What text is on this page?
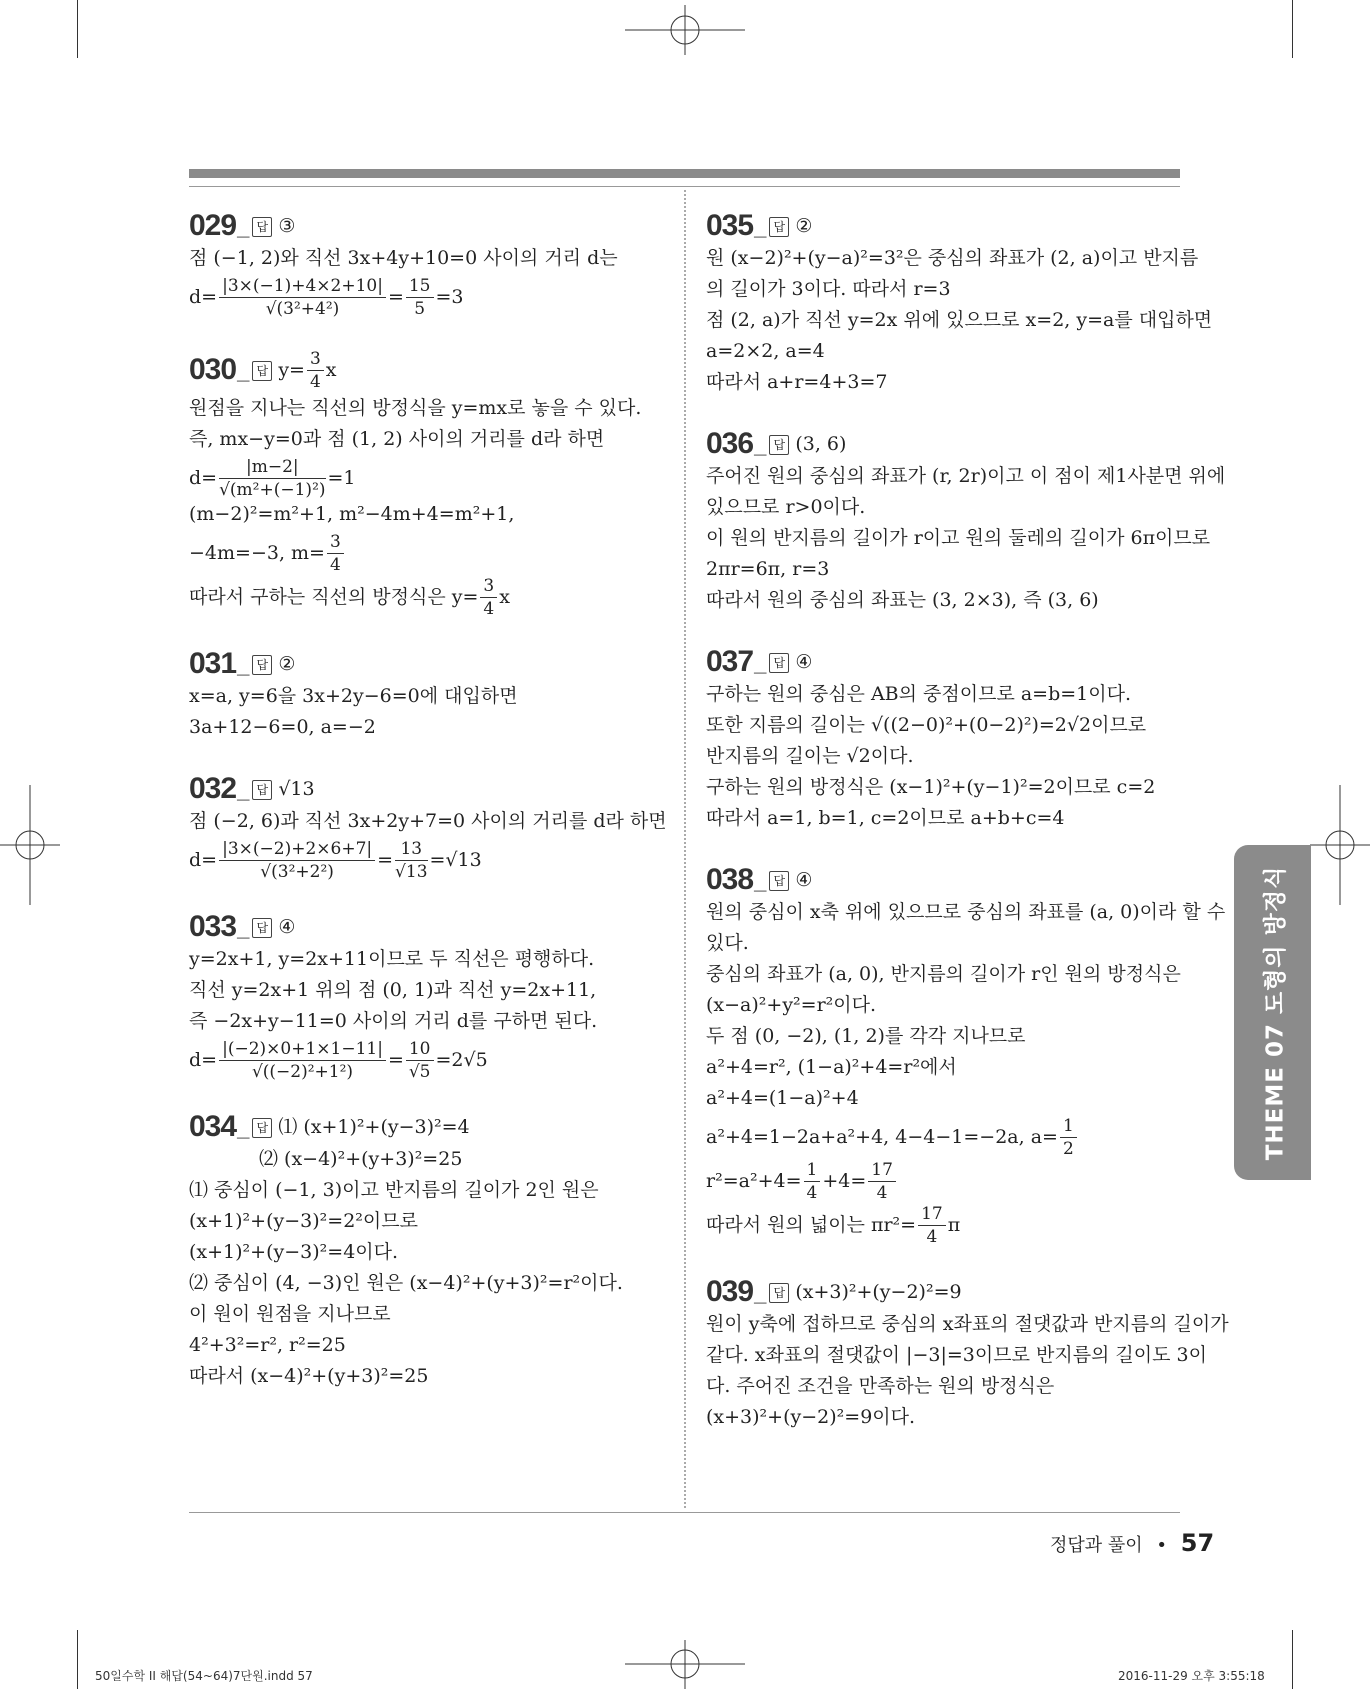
029 _ 답 ③

점 (−1, 2)와 직선 3x+4y+10=0 사이의 거리 d는

$d= \frac{|3\times(-1)+4\times 2+10|}{\text{√(3²+4²)}} = \frac{15}{5} =3$

030 _ 답 $y= \frac{3}{4}$ x

원점을 지나는 직선의 방정식을 y=mx로 놓을 수 있다.

즉, mx−y=0과 점 (1, 2) 사이의 거리를 d라 하면

$d= \frac{|m-2|}{\text{√(m²+(−1)²)}} =1$

(m−2)²=m²+1, m²−4m+4=m²+1,

−4m=−3, $m= \frac{3}{4}$

따라서 구하는 직선의 방정식은 $y= \frac{3}{4}$ x

031 _ 답 ②

x=a, y=6을 3x+2y−6=0에 대입하면

3a+12−6=0, a=−2

032 _ 답 √13

점 (−2, 6)과 직선 3x+2y+7=0 사이의 거리를 d라 하면

$d= \frac{|3\times(-2)+2\times 6+7|}{\text{√(3²+2²)}} = \frac{13}{√13} =√13$

033 _ 답 ④

y=2x+1, y=2x+11이므로 두 직선은 평행하다.

직선 y=2x+1 위의 점 (0, 1)과 직선 y=2x+11,

즉 −2x+y−11=0 사이의 거리 d를 구하면 된다.

$d= \frac{|(-2)\times 0+1\times 1-11|}{\text{√((−2)²+1²)}} = \frac{10}{√5} =2√5$

034 _ 답 ⑴ (x+1)²+(y−3)²=4

⑵ (x−4)²+(y+3)²=25

⑴ 중심이 (−1, 3)이고 반지름의 길이가 2인 원은

(x+1)²+(y−3)²=2²이므로

(x+1)²+(y−3)²=4이다.

⑵ 중심이 (4, −3)인 원은 (x−4)²+(y+3)²=r²이다.

이 원이 원점을 지나므로

4²+3²=r², r²=25

따라서 (x−4)²+(y+3)²=25

035 _ 답 ②

원 (x−2)²+(y−a)²=3²은 중심의 좌표가 (2, a)이고 반지름

의 길이가 3이다. 따라서 r=3

점 (2, a)가 직선 y=2x 위에 있으므로 x=2, y=a를 대입하면

a=2×2, a=4

따라서 a+r=4+3=7

036 _ 답 (3, 6)

주어진 원의 중심의 좌표가 (r, 2r)이고 이 점이 제1사분면 위에

있으므로 r>0이다.

이 원의 반지름의 길이가 r이고 원의 둘레의 길이가 6π이므로

2πr=6π, r=3

따라서 원의 중심의 좌표는 (3, 2×3), 즉 (3, 6)

037 _ 답 ④

구하는 원의 중심은 AB의 중점이므로 a=b=1이다.

또한 지름의 길이는 √((2−0)²+(0−2)²)=2√2이므로

반지름의 길이는 √2이다.

구하는 원의 방정식은 (x−1)²+(y−1)²=2이므로 c=2

따라서 a=1, b=1, c=2이므로 a+b+c=4

038 _ 답 ④

원의 중심이 x축 위에 있으므로 중심의 좌표를 (a, 0)이라 할 수

있다.

중심의 좌표가 (a, 0), 반지름의 길이가 r인 원의 방정식은

(x−a)²+y²=r²이다.

두 점 (0, −2), (1, 2)를 각각 지나므로

a²+4=r², (1−a)²+4=r²에서

a²+4=(1−a)²+4

a²+4=1−2a+a²+4, 4−4−1=−2a, $a= \frac{1}{2}$

$r^2=a^2+4= \frac{1}{4} +4= \frac{17}{4}$

따라서 원의 넓이는 $\pi r^2= \frac{17}{4}$ π

039 _ 답 (x+3)²+(y−2)²=9

원이 y축에 접하므로 중심의 x좌표의 절댓값과 반지름의 길이가

같다. x좌표의 절댓값이 |−3|=3이므로 반지름의 길이도 3이

다. 주어진 조건을 만족하는 원의 방정식은

(x+3)²+(y−2)²=9이다.

THEME 07 도형의 방정식
정답과 풀이 • 57
50일수학 II 해답(54~64)7단원.indd 57	2016-11-29 오후 3:55:18
